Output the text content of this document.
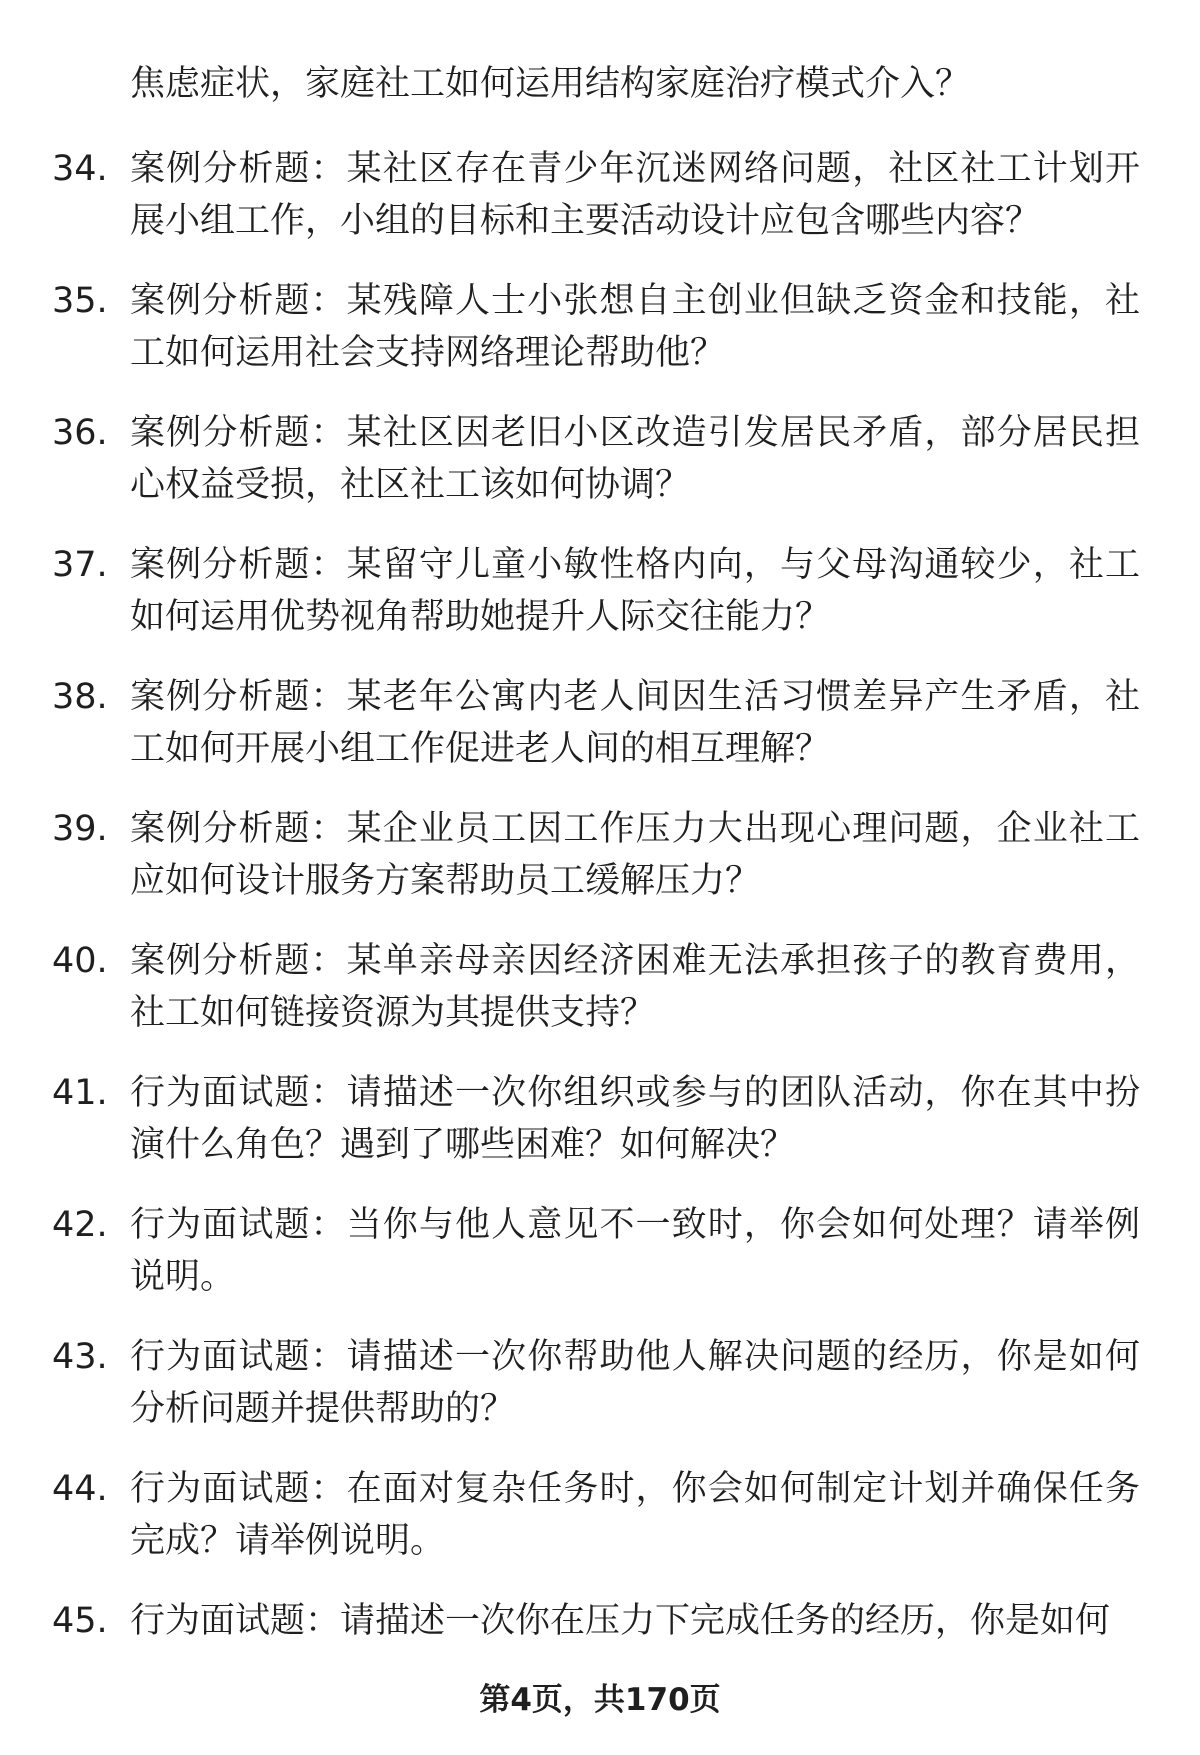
焦虑症状，家庭社工如何运用结构家庭治疗模式介入？
34. 案例分析题：某社区存在青少年沉迷网络问题，社区社工计划开展小组工作，小组的目标和主要活动设计应包含哪些内容？
35. 案例分析题：某残障人士小张想自主创业但缺乏资金和技能，社工如何运用社会支持网络理论帮助他？
36. 案例分析题：某社区因老旧小区改造引发居民矛盾，部分居民担心权益受损，社区社工该如何协调？
37. 案例分析题：某留守儿童小敏性格内向，与父母沟通较少，社工如何运用优势视角帮助她提升人际交往能力？
38. 案例分析题：某老年公寓内老人间因生活习惯差异产生矛盾，社工如何开展小组工作促进老人间的相互理解？
39. 案例分析题：某企业员工因工作压力大出现心理问题，企业社工应如何设计服务方案帮助员工缓解压力？
40. 案例分析题：某单亲母亲因经济困难无法承担孩子的教育费用，社工如何链接资源为其提供支持？
41. 行为面试题：请描述一次你组织或参与的团队活动，你在其中扮演什么角色？遇到了哪些困难？如何解决？
42. 行为面试题：当你与他人意见不一致时，你会如何处理？请举例说明。
43. 行为面试题：请描述一次你帮助他人解决问题的经历，你是如何分析问题并提供帮助的？
44. 行为面试题：在面对复杂任务时，你会如何制定计划并确保任务完成？请举例说明。
45. 行为面试题：请描述一次你在压力下完成任务的经历，你是如何
第4页，共170页
